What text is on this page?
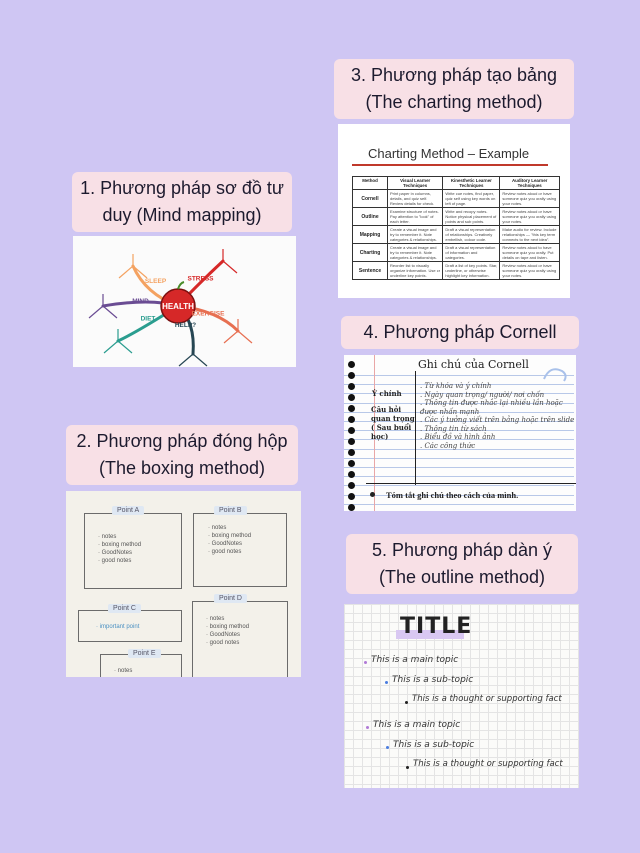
3. Phương pháp tạo bảng (The charting method)
Charting Method – Example
Method	Visual Learner Techniques	Kinesthetic Learner Techniques	Auditory Learner Techniques
Cornell	Print paper in columns, details, and quiz self. Review details for check.	Write cue notes, find paper, quiz self using key words on left of page.	Review notes aloud or have someone quiz you orally using your notes.
Outline	Examine structure of notes. Pay attention to "look" of each letter.	Write and recopy notes. Notice physical placement of points and sub points.	Review notes aloud or have someone quiz you orally using your notes.
Mapping	Create a visual image and try to remember it. Note categories & relationships.	Draft a visual representation of relationships. Creatively embellish, colour code.	Make audio for review. Include relationships — "this key term connects to the next idea".
Charting	Create a visual image and try to remember it. Note categories & relationships.	Draft a visual representation of information and categories.	Review notes aloud to have someone quiz you orally. Put details on tape and listen.
Sentence	Reorder list to visually organize information. Use cr underline key points.	Draft a list of key points. Star, underline, or otherwise highlight key information.	Review notes aloud or have someone quiz you orally using your notes.
1. Phương pháp sơ đồ tư duy (Mind mapping)
HEALTH
STRESS
EXERCISE
DIET
HELP?
SLEEP
MIND
4. Phương pháp Cornell
Ghi chú của Cornell
Ý chính
Câu hỏi quan trọng ( Sau buổi học)
. Từ khóa và ý chính
. Ngày quan trọng/ người/ nơi chốn
. Thông tin được nhắc lại nhiều lần hoặc được nhấn mạnh
. Các ý tưởng viết trên bảng hoặc trên slide
. Thông tin từ sách
. Biểu đồ và hình ảnh
. Các công thức
Tóm tắt ghi chú theo cách của mình.
2. Phương pháp đóng hộp (The boxing method)
Point A
· notes
· boxing method
· GoodNotes
· good notes
Point B
· notes
· boxing method
· GoodNotes
· good notes
Point C
· important point
Point D
· notes
· boxing method
· GoodNotes
· good notes
Point E
· notes
5. Phương pháp dàn ý (The outline method)
TITLE
This is a main topic
This is a sub-topic
This is a thought or supporting fact
This is a main topic
This is a sub-topic
This is a thought or supporting fact
